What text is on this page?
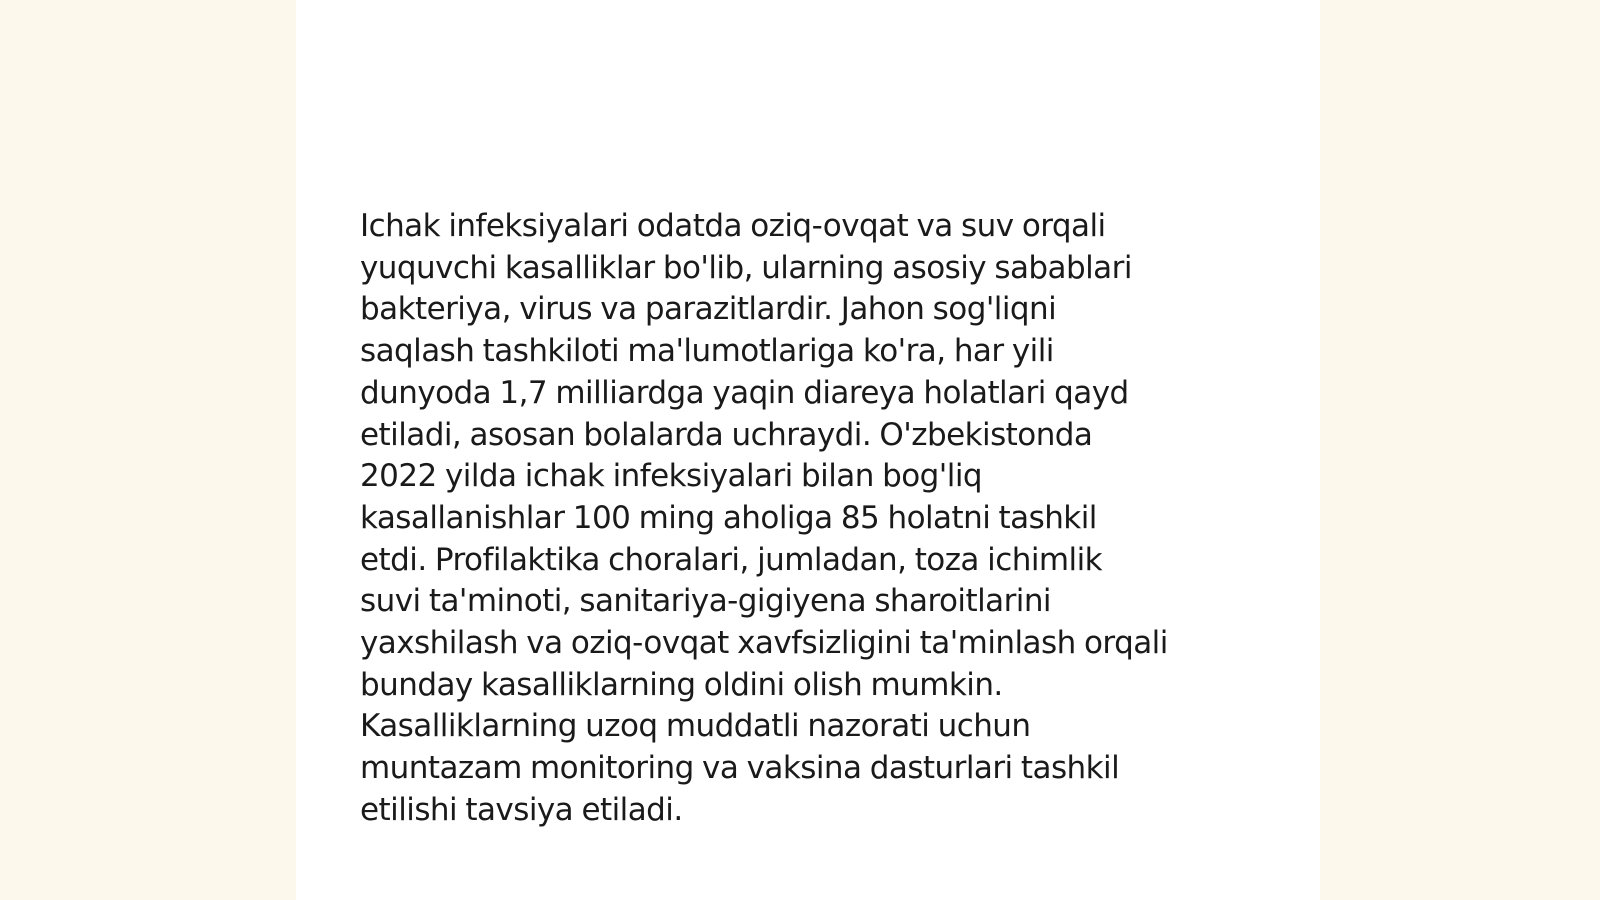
Ichak infeksiyalari odatda oziq-ovqat va suv orqali
yuquvchi kasalliklar bo'lib, ularning asosiy sabablari
bakteriya, virus va parazitlardir. Jahon sog'liqni
saqlash tashkiloti ma'lumotlariga ko'ra, har yili
dunyoda 1,7 milliardga yaqin diareya holatlari qayd
etiladi, asosan bolalarda uchraydi. O'zbekistonda
2022 yilda ichak infeksiyalari bilan bog'liq
kasallanishlar 100 ming aholiga 85 holatni tashkil
etdi. Profilaktika choralari, jumladan, toza ichimlik
suvi ta'minoti, sanitariya-gigiyena sharoitlarini
yaxshilash va oziq-ovqat xavfsizligini ta'minlash orqali
bunday kasalliklarning oldini olish mumkin.
Kasalliklarning uzoq muddatli nazorati uchun
muntazam monitoring va vaksina dasturlari tashkil
etilishi tavsiya etiladi.
